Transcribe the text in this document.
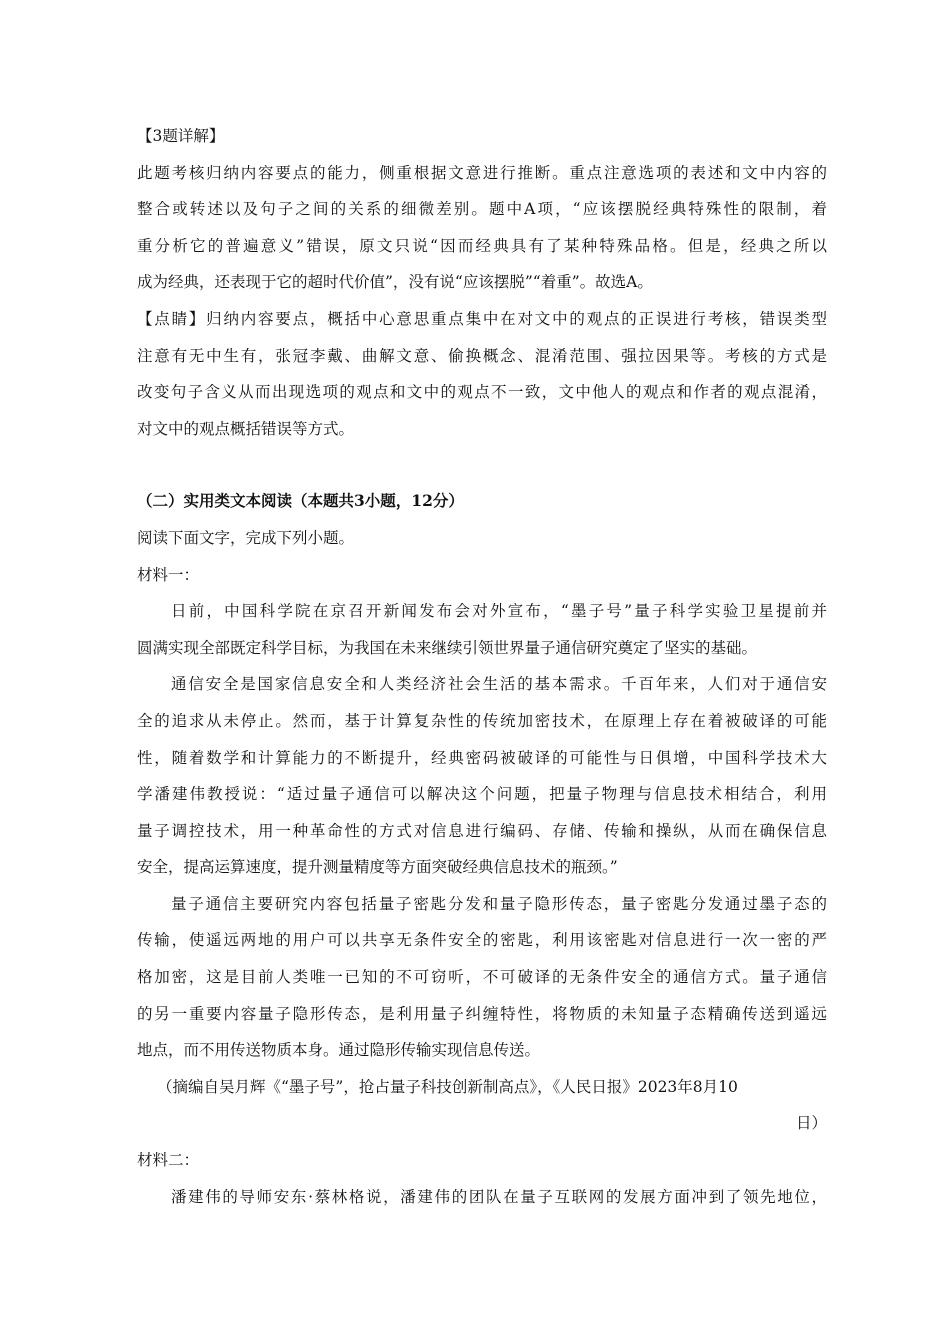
【3题详解】
此题考核归纳内容要点的能力，侧重根据文意进行推断。重点注意选项的表述和文中内容的
整合或转述以及句子之间的关系的细微差别。题中A项，“应该摆脱经典特殊性的限制，着
重分析它的普遍意义”错误，原文只说“因而经典具有了某种特殊品格。但是，经典之所以
成为经典，还表现于它的超时代价值”，没有说“应该摆脱”“着重”。故选A。
【点睛】归纳内容要点，概括中心意思重点集中在对文中的观点的正误进行考核，错误类型
注意有无中生有，张冠李戴、曲解文意、偷换概念、混淆范围、强拉因果等。考核的方式是
改变句子含义从而出现选项的观点和文中的观点不一致，文中他人的观点和作者的观点混淆，
对文中的观点概括错误等方式。
（二）实用类文本阅读（本题共3小题，12分）
阅读下面文字，完成下列小题。
材料一：
日前，中国科学院在京召开新闻发布会对外宣布，“墨子号”量子科学实验卫星提前并
圆满实现全部既定科学目标，为我国在未来继续引领世界量子通信研究奠定了坚实的基础。
通信安全是国家信息安全和人类经济社会生活的基本需求。千百年来，人们对于通信安
全的追求从未停止。然而，基于计算复杂性的传统加密技术，在原理上存在着被破译的可能
性，随着数学和计算能力的不断提升，经典密码被破译的可能性与日俱增，中国科学技术大
学潘建伟教授说：“适过量子通信可以解决这个问题，把量子物理与信息技术相结合，利用
量子调控技术，用一种革命性的方式对信息进行编码、存储、传输和操纵，从而在确保信息
安全，提高运算速度，提升测量精度等方面突破经典信息技术的瓶颈。”
量子通信主要研究内容包括量子密匙分发和量子隐形传态，量子密匙分发通过墨子态的
传输，使遥远两地的用户可以共享无条件安全的密匙，利用该密匙对信息进行一次一密的严
格加密，这是目前人类唯一已知的不可窃听，不可破译的无条件安全的通信方式。量子通信
的另一重要内容量子隐形传态，是利用量子纠缠特性，将物质的未知量子态精确传送到遥远
地点，而不用传送物质本身。通过隐形传输实现信息传送。
（摘编自吴月辉《“墨子号”，抢占量子科技创新制高点》，《人民日报》2023年8月10
日）
材料二：
潘建伟的导师安东·蔡林格说，潘建伟的团队在量子互联网的发展方面冲到了领先地位，
